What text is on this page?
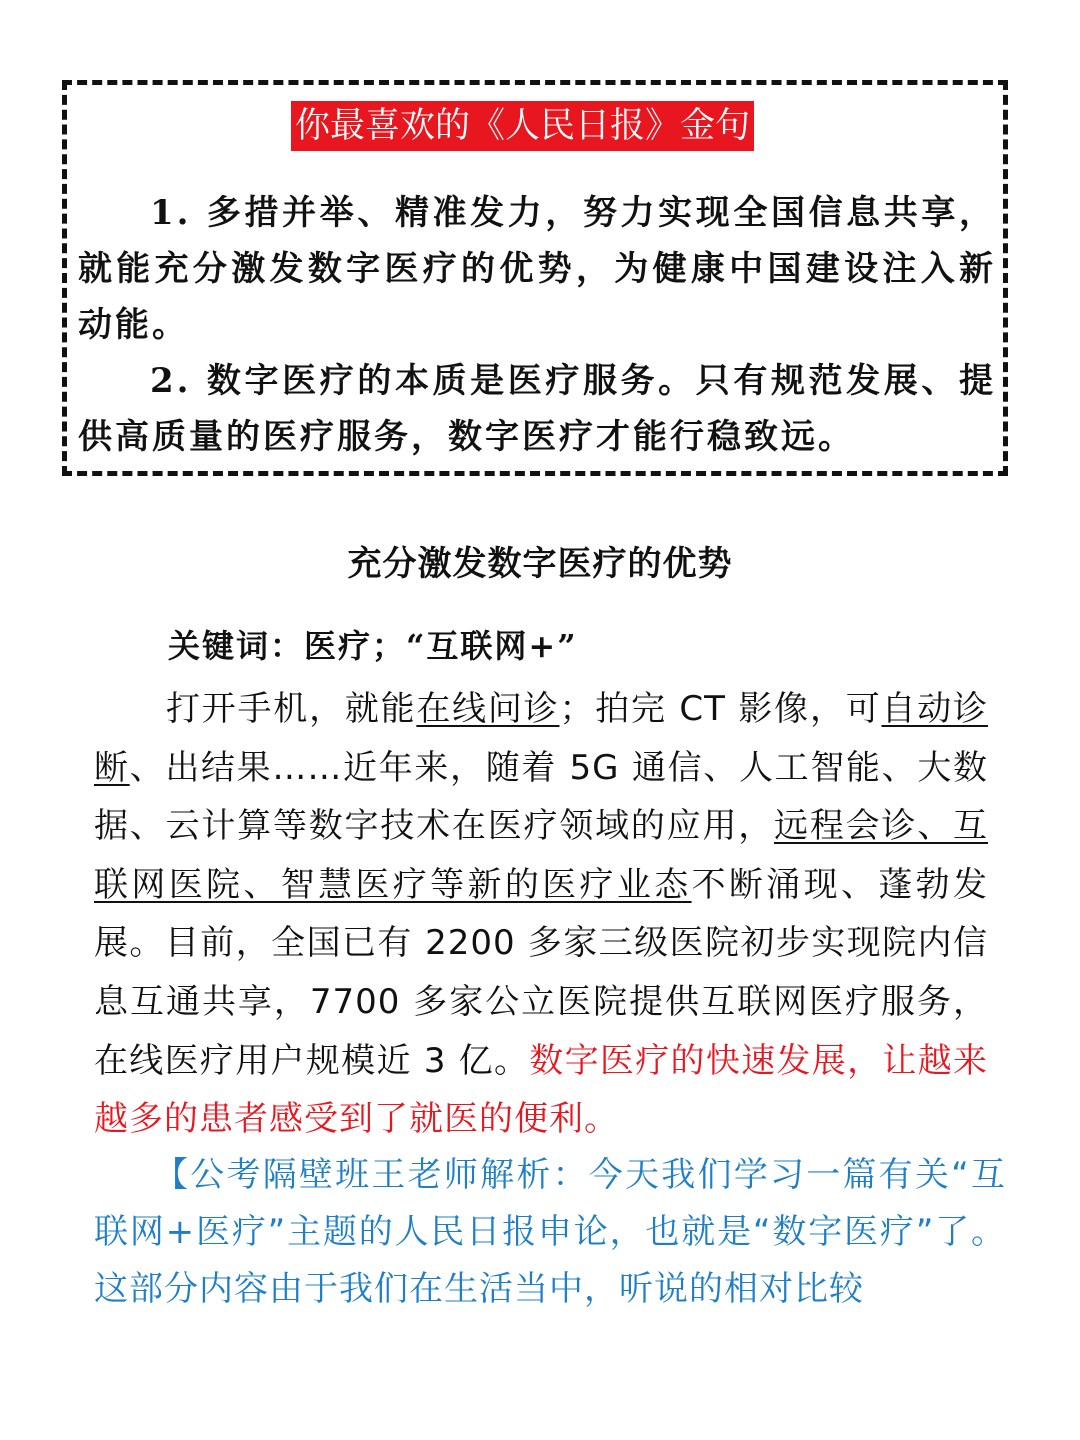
你最喜欢的《人民日报》金句
1. 多措并举、精准发力，努力实现全国信息共享，就能充分激发数字医疗的优势，为健康中国建设注入新动能。
2. 数字医疗的本质是医疗服务。只有规范发展、提供高质量的医疗服务，数字医疗才能行稳致远。
充分激发数字医疗的优势
关键词：医疗；“互联网+”
打开手机，就能在线问诊；拍完 CT 影像，可自动诊断、出结果……近年来，随着 5G 通信、人工智能、大数据、云计算等数字技术在医疗领域的应用，远程会诊、互联网医院、智慧医疗等新的医疗业态不断涌现、蓬勃发展。目前，全国已有 2200 多家三级医院初步实现院内信息互通共享，7700 多家公立医院提供互联网医疗服务，在线医疗用户规模近 3 亿。数字医疗的快速发展，让越来越多的患者感受到了就医的便利。
【公考隔壁班王老师解析：今天我们学习一篇有关“互联网+医疗”主题的人民日报申论，也就是“数字医疗”了。这部分内容由于我们在生活当中，听说的相对比较
